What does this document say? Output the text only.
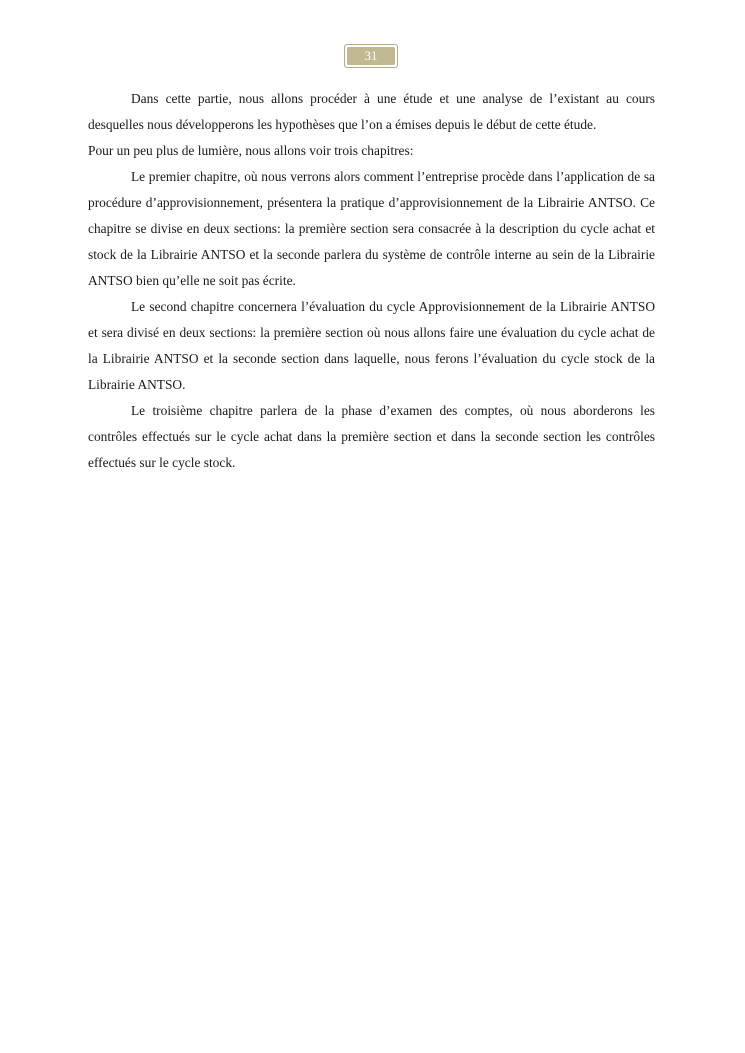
31

Dans cette partie, nous allons procéder à une étude et une analyse de l’existant au cours desquelles nous développerons les hypothèses que l’on a émises depuis le début de cette étude.

Pour un peu plus de lumière, nous allons voir trois chapitres:

Le premier chapitre, où nous verrons alors comment l’entreprise procède dans l’application de sa procédure d’approvisionnement, présentera la pratique d’approvisionnement de la Librairie ANTSO. Ce chapitre se divise en deux sections: la première section sera consacrée à la description du cycle achat et stock de la Librairie ANTSO et la seconde parlera du système de contrôle interne au sein de la Librairie ANTSO bien qu’elle ne soit pas écrite.

Le second chapitre concernera l’évaluation du cycle Approvisionnement de la Librairie ANTSO et sera divisé en deux sections: la première section où nous allons faire une évaluation du cycle achat de la Librairie ANTSO et la seconde section dans laquelle, nous ferons l’évaluation du cycle stock de la Librairie ANTSO.

Le troisième chapitre parlera de la phase d’examen des comptes, où nous aborderons les contrôles effectués sur le cycle achat dans la première section et dans la seconde section les contrôles effectués sur le cycle stock.
